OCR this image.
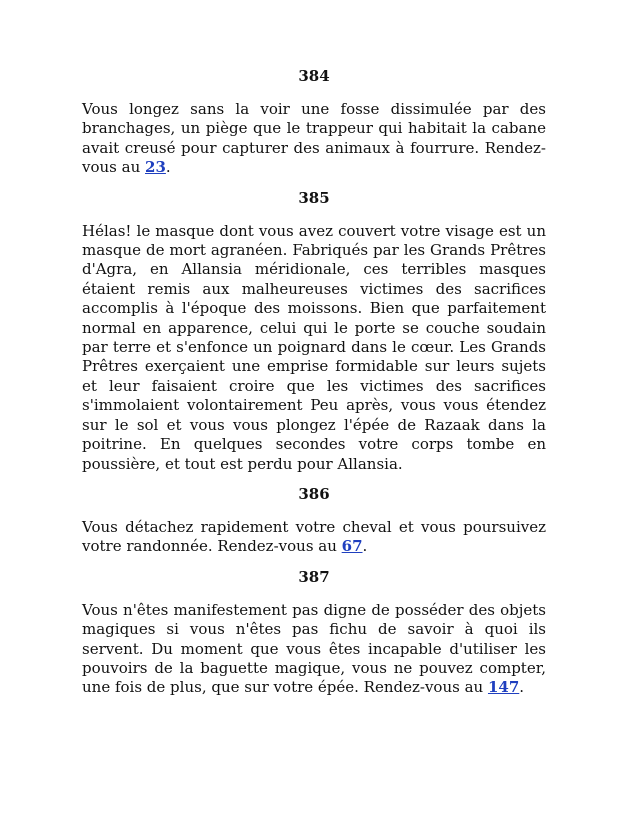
384

Vous longez sans la voir une fosse dissimulée par des branchages, un piège que le trappeur qui habitait la cabane avait creusé pour capturer des animaux à fourrure. Rendez-vous au 23.

385

Hélas! le masque dont vous avez couvert votre visage est un masque de mort agranéen. Fabriqués par les Grands Prêtres d'Agra, en Allansia méridionale, ces terribles masques étaient remis aux malheureuses victimes des sacrifices accomplis à l'époque des moissons. Bien que parfaitement normal en apparence, celui qui le porte se couche soudain par terre et s'enfonce un poignard dans le cœur. Les Grands Prêtres exerçaient une emprise formidable sur leurs sujets et leur faisaient croire que les victimes des sacrifices s'immolaient volontairement Peu après, vous vous étendez sur le sol et vous vous plongez l'épée de Razaak dans la poitrine. En quelques secondes votre corps tombe en poussière, et tout est perdu pour Allansia.

386

Vous détachez rapidement votre cheval et vous poursuivez votre randonnée. Rendez-vous au 67.

387

Vous n'êtes manifestement pas digne de posséder des objets magiques si vous n'êtes pas fichu de savoir à quoi ils servent. Du moment que vous êtes incapable d'utiliser les pouvoirs de la baguette magique, vous ne pouvez compter, une fois de plus, que sur votre épée. Rendez-vous au 147.
